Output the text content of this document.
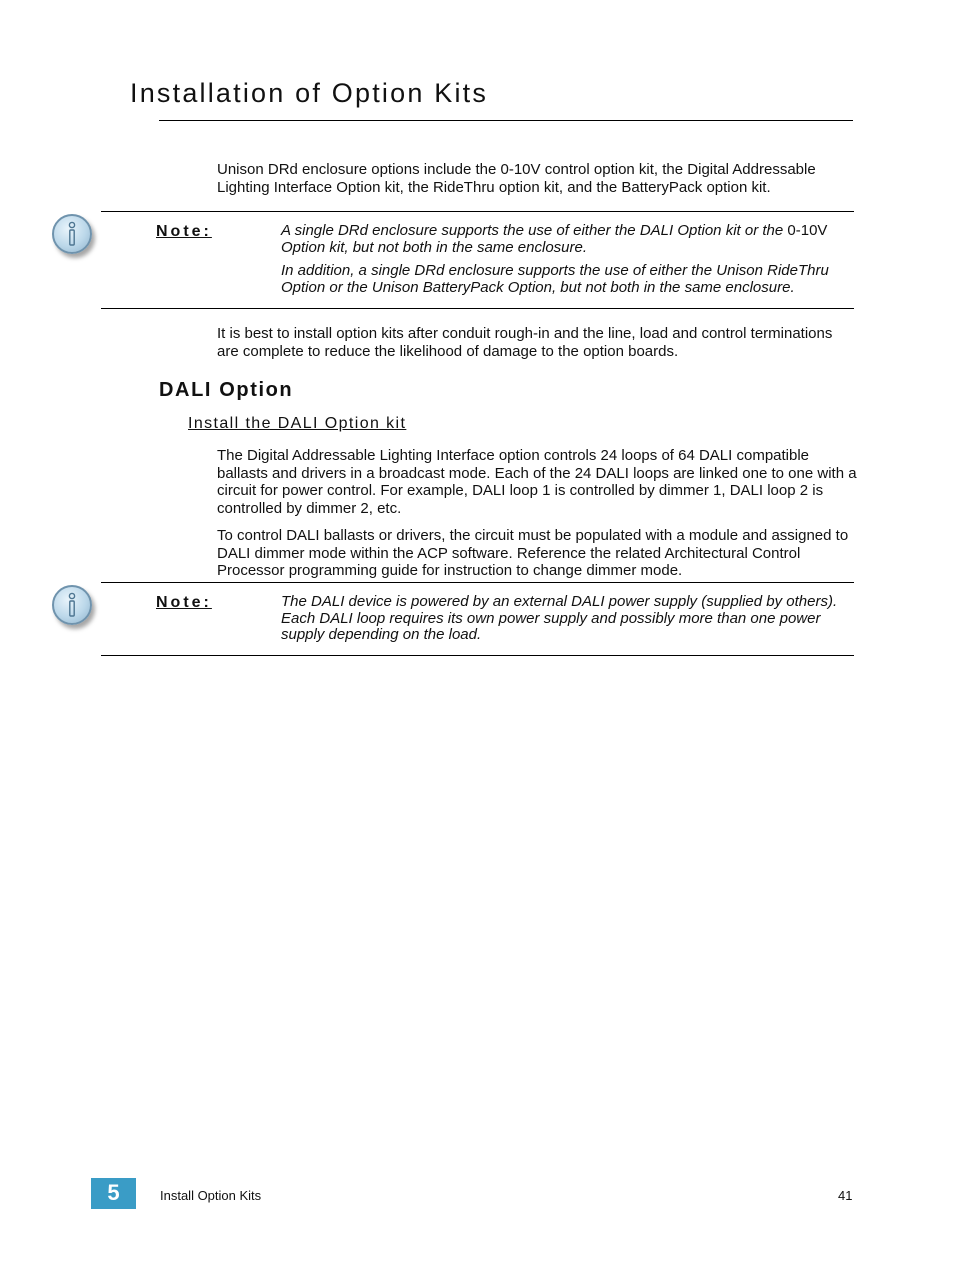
Installation of Option Kits

Unison DRd enclosure options include the 0-10V control option kit, the Digital Addressable Lighting Interface Option kit, the RideThru option kit, and the BatteryPack option kit.

Note:	A single DRd enclosure supports the use of either the DALI Option kit or the 0-10V Option kit, but not both in the same enclosure.

In addition, a single DRd enclosure supports the use of either the Unison RideThru Option or the Unison BatteryPack Option, but not both in the same enclosure.

It is best to install option kits after conduit rough-in and the line, load and control terminations are complete to reduce the likelihood of damage to the option boards.

DALI Option
Install the DALI Option kit

The Digital Addressable Lighting Interface option controls 24 loops of 64 DALI compatible ballasts and drivers in a broadcast mode. Each of the 24 DALI loops are linked one to one with a circuit for power control. For example, DALI loop 1 is controlled by dimmer 1, DALI loop 2 is controlled by dimmer 2, etc.

To control DALI ballasts or drivers, the circuit must be populated with a module and assigned to DALI dimmer mode within the ACP software. Reference the related Architectural Control Processor programming guide for instruction to change dimmer mode.

Note:	The DALI device is powered by an external DALI power supply (supplied by others). Each DALI loop requires its own power supply and possibly more than one power supply depending on the load.

5	Install Option Kits	41
